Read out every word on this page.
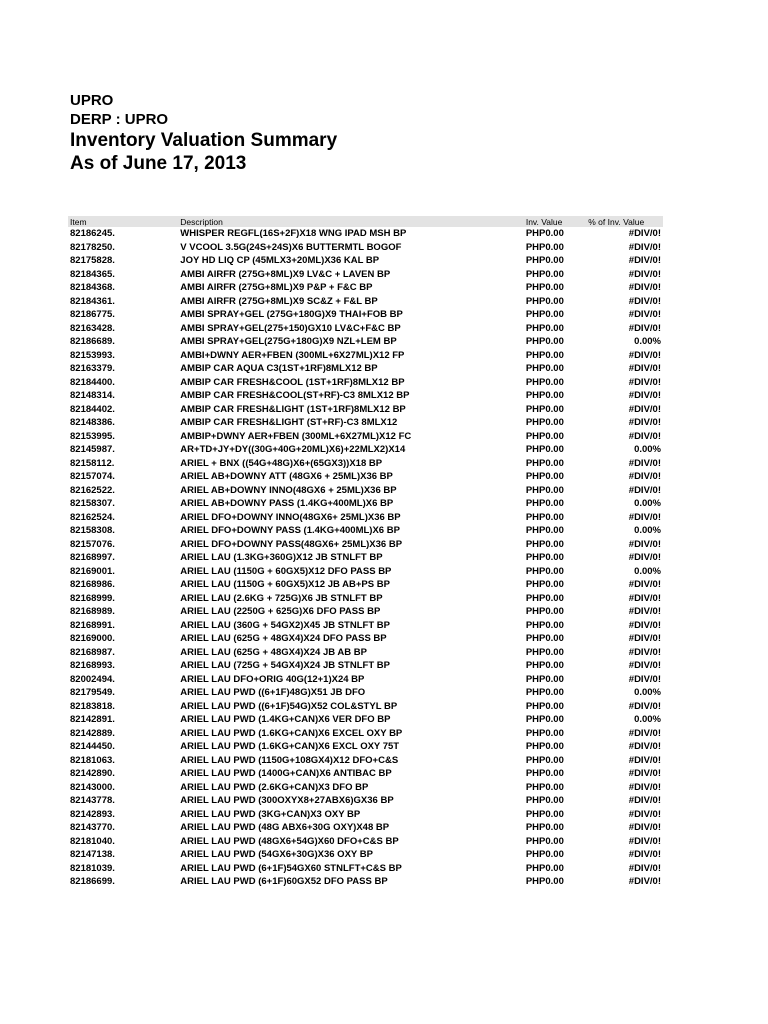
UPRO

DERP : UPRO

Inventory Valuation Summary

As of June 17, 2013

Item	Description	Inv. Value	% of Inv. Value
82186245.	WHISPER REGFL(16S+2F)X18 WNG IPAD MSH BP	PHP0.00	#DIV/0!
82178250.	V VCOOL 3.5G(24S+24S)X6 BUTTERMTL BOGOF	PHP0.00	#DIV/0!
82175828.	JOY HD LIQ CP (45MLX3+20ML)X36 KAL BP	PHP0.00	#DIV/0!
82184365.	AMBI AIRFR (275G+8ML)X9 LV&C + LAVEN BP	PHP0.00	#DIV/0!
82184368.	AMBI AIRFR (275G+8ML)X9 P&P + F&C BP	PHP0.00	#DIV/0!
82184361.	AMBI AIRFR (275G+8ML)X9 SC&Z + F&L BP	PHP0.00	#DIV/0!
82186775.	AMBI SPRAY+GEL (275G+180G)X9 THAI+FOB BP	PHP0.00	#DIV/0!
82163428.	AMBI SPRAY+GEL(275+150)GX10 LV&C+F&C BP	PHP0.00	#DIV/0!
82186689.	AMBI SPRAY+GEL(275G+180G)X9 NZL+LEM BP	PHP0.00	0.00%
82153993.	AMBI+DWNY AER+FBEN (300ML+6X27ML)X12 FP	PHP0.00	#DIV/0!
82163379.	AMBIP CAR AQUA C3(1ST+1RF)8MLX12 BP	PHP0.00	#DIV/0!
82184400.	AMBIP CAR FRESH&COOL (1ST+1RF)8MLX12 BP	PHP0.00	#DIV/0!
82148314.	AMBIP CAR FRESH&COOL(ST+RF)-C3 8MLX12 BP	PHP0.00	#DIV/0!
82184402.	AMBIP CAR FRESH&LIGHT (1ST+1RF)8MLX12 BP	PHP0.00	#DIV/0!
82148386.	AMBIP CAR FRESH&LIGHT (ST+RF)-C3 8MLX12	PHP0.00	#DIV/0!
82153995.	AMBIP+DWNY AER+FBEN (300ML+6X27ML)X12 FC	PHP0.00	#DIV/0!
82145987.	AR+TD+JY+DY((30G+40G+20ML)X6)+22MLX2)X14	PHP0.00	0.00%
82158112.	ARIEL + BNX ((54G+48G)X6+(65GX3))X18 BP	PHP0.00	#DIV/0!
82157074.	ARIEL AB+DOWNY ATT (48GX6 + 25ML)X36 BP	PHP0.00	#DIV/0!
82162522.	ARIEL AB+DOWNY INNO(48GX6 + 25ML)X36 BP	PHP0.00	#DIV/0!
82158307.	ARIEL AB+DOWNY PASS (1.4KG+400ML)X6 BP	PHP0.00	0.00%
82162524.	ARIEL DFO+DOWNY INNO(48GX6+ 25ML)X36 BP	PHP0.00	#DIV/0!
82158308.	ARIEL DFO+DOWNY PASS (1.4KG+400ML)X6 BP	PHP0.00	0.00%
82157076.	ARIEL DFO+DOWNY PASS(48GX6+ 25ML)X36 BP	PHP0.00	#DIV/0!
82168997.	ARIEL LAU (1.3KG+360G)X12 JB STNLFT BP	PHP0.00	#DIV/0!
82169001.	ARIEL LAU (1150G + 60GX5)X12 DFO PASS BP	PHP0.00	0.00%
82168986.	ARIEL LAU (1150G + 60GX5)X12 JB AB+PS BP	PHP0.00	#DIV/0!
82168999.	ARIEL LAU (2.6KG + 725G)X6 JB STNLFT BP	PHP0.00	#DIV/0!
82168989.	ARIEL LAU (2250G + 625G)X6 DFO PASS BP	PHP0.00	#DIV/0!
82168991.	ARIEL LAU (360G + 54GX2)X45 JB STNLFT BP	PHP0.00	#DIV/0!
82169000.	ARIEL LAU (625G + 48GX4)X24 DFO PASS BP	PHP0.00	#DIV/0!
82168987.	ARIEL LAU (625G + 48GX4)X24 JB AB BP	PHP0.00	#DIV/0!
82168993.	ARIEL LAU (725G + 54GX4)X24 JB STNLFT BP	PHP0.00	#DIV/0!
82002494.	ARIEL LAU DFO+ORIG 40G(12+1)X24 BP	PHP0.00	#DIV/0!
82179549.	ARIEL LAU PWD ((6+1F)48G)X51 JB DFO	PHP0.00	0.00%
82183818.	ARIEL LAU PWD ((6+1F)54G)X52 COL&STYL BP	PHP0.00	#DIV/0!
82142891.	ARIEL LAU PWD (1.4KG+CAN)X6 VER DFO BP	PHP0.00	0.00%
82142889.	ARIEL LAU PWD (1.6KG+CAN)X6 EXCEL OXY BP	PHP0.00	#DIV/0!
82144450.	ARIEL LAU PWD (1.6KG+CAN)X6 EXCL OXY 75T	PHP0.00	#DIV/0!
82181063.	ARIEL LAU PWD (1150G+108GX4)X12 DFO+C&S	PHP0.00	#DIV/0!
82142890.	ARIEL LAU PWD (1400G+CAN)X6 ANTIBAC BP	PHP0.00	#DIV/0!
82143000.	ARIEL LAU PWD (2.6KG+CAN)X3 DFO BP	PHP0.00	#DIV/0!
82143778.	ARIEL LAU PWD (300OXYX8+27ABX6)GX36 BP	PHP0.00	#DIV/0!
82142893.	ARIEL LAU PWD (3KG+CAN)X3 OXY BP	PHP0.00	#DIV/0!
82143770.	ARIEL LAU PWD (48G ABX6+30G OXY)X48 BP	PHP0.00	#DIV/0!
82181040.	ARIEL LAU PWD (48GX6+54G)X60 DFO+C&S BP	PHP0.00	#DIV/0!
82147138.	ARIEL LAU PWD (54GX6+30G)X36 OXY BP	PHP0.00	#DIV/0!
82181039.	ARIEL LAU PWD (6+1F)54GX60 STNLFT+C&S BP	PHP0.00	#DIV/0!
82186699.	ARIEL LAU PWD (6+1F)60GX52 DFO PASS BP	PHP0.00	#DIV/0!
